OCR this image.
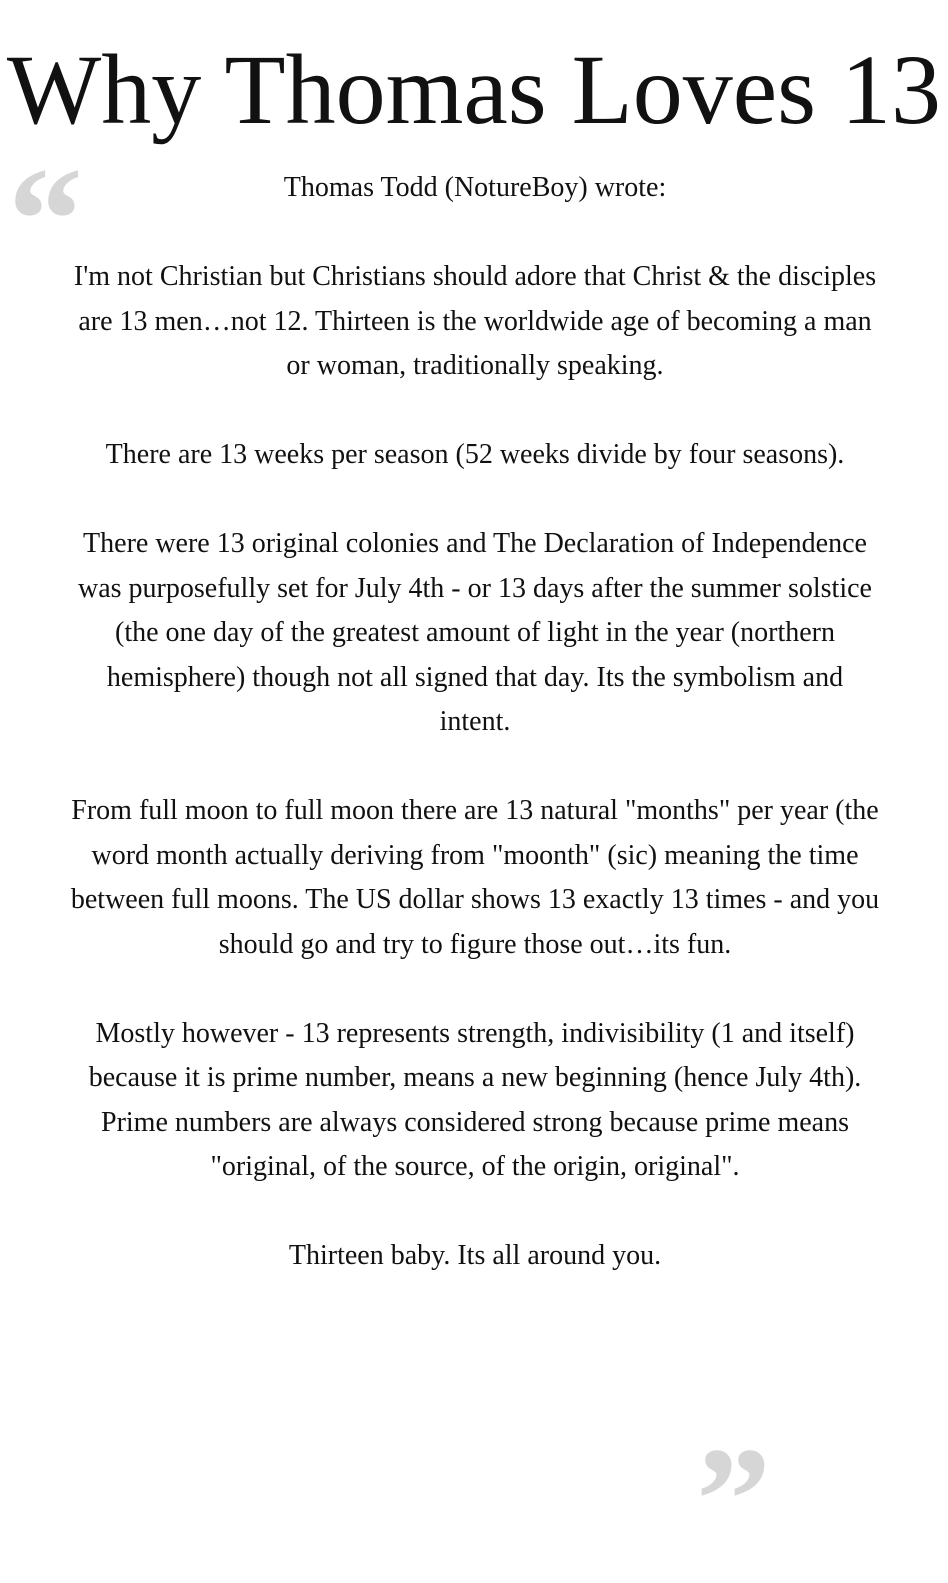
Why Thomas Loves 13
“	Thomas Todd (NotureBoy) wrote:

I'm not Christian but Christians should adore that Christ & the disciples are 13 men…not 12. Thirteen is the worldwide age of becoming a man or woman, traditionally speaking.

There are 13 weeks per season (52 weeks divide by four seasons).

There were 13 original colonies and The Declaration of Independence was purposefully set for July 4th - or 13 days after the summer solstice (the one day of the greatest amount of light in the year (northern hemisphere) though not all signed that day. Its the symbolism and intent.

From full moon to full moon there are 13 natural "months" per year (the word month actually deriving from "moonth" (sic) meaning the time between full moons. The US dollar shows 13 exactly 13 times - and you should go and try to figure those out…its fun.

Mostly however - 13 represents strength, indivisibility (1 and itself) because it is prime number, means a new beginning (hence July 4th). Prime numbers are always considered strong because prime means "original, of the source, of the origin, original".

Thirteen baby. Its all around you.

”
